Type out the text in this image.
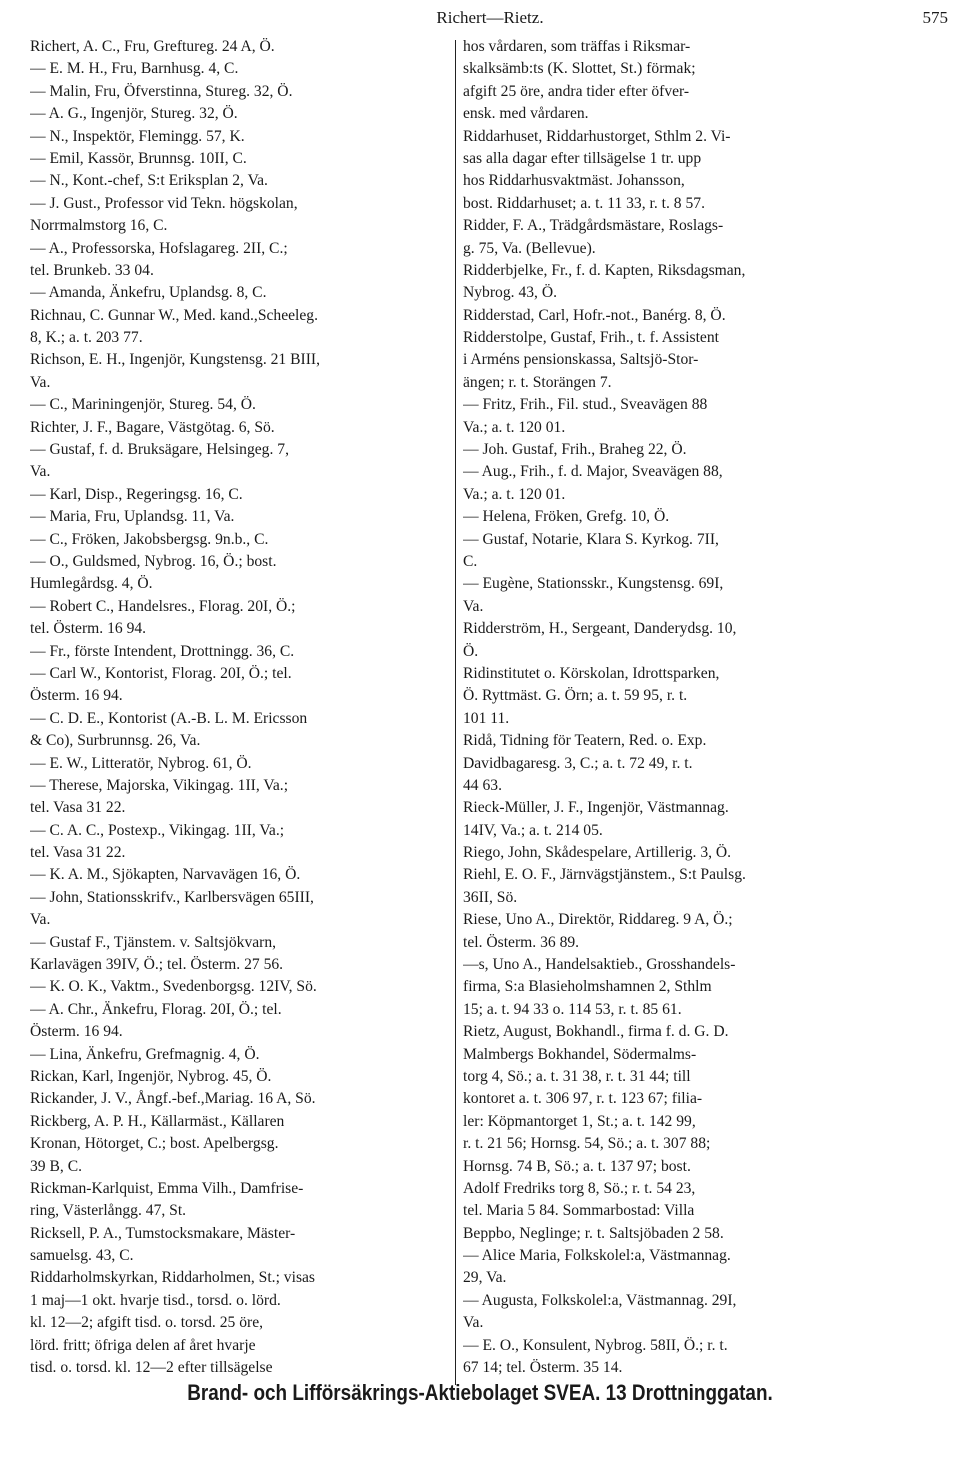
Richert—Rietz.	575
Richert, A. C., Fru, Greftureg. 24 A, Ö.
— E. M. H., Fru, Barnhusg. 4, C.
— Malin, Fru, Öfverstinna, Stureg. 32, Ö.
— A. G., Ingenjör, Stureg. 32, Ö.
— N., Inspektör, Flemingg. 57, K.
— Emil, Kassör, Brunnsg. 10II, C.
— N., Kont.-chef, S:t Eriksplan 2, Va.
— J. Gust., Professor vid Tekn. högskolan,
Norrmalmstorg 16, C.
— A., Professorska, Hofslagareg. 2II, C.;
tel. Brunkeb. 33 04.
— Amanda, Änkefru, Uplandsg. 8, C.
Richnau, C. Gunnar W., Med. kand.,Scheeleg.
8, K.; a. t. 203 77.
Richson, E. H., Ingenjör, Kungstensg. 21 BIII,
Va.
— C., Mariningenjör, Stureg. 54, Ö.
Richter, J. F., Bagare, Västgötag. 6, Sö.
— Gustaf, f. d. Bruksägare, Helsingeg. 7,
Va.
— Karl, Disp., Regeringsg. 16, C.
— Maria, Fru, Uplandsg. 11, Va.
— C., Fröken, Jakobsbergsg. 9n.b., C.
— O., Guldsmed, Nybrog. 16, Ö.; bost.
Humlegårdsg. 4, Ö.
— Robert C., Handelsres., Florag. 20I, Ö.;
tel. Österm. 16 94.
— Fr., förste Intendent, Drottningg. 36, C.
— Carl W., Kontorist, Florag. 20I, Ö.; tel.
Österm. 16 94.
— C. D. E., Kontorist (A.-B. L. M. Ericsson
& Co), Surbrunnsg. 26, Va.
— E. W., Litteratör, Nybrog. 61, Ö.
— Therese, Majorska, Vikingag. 1II, Va.;
tel. Vasa 31 22.
— C. A. C., Postexp., Vikingag. 1II, Va.;
tel. Vasa 31 22.
— K. A. M., Sjökapten, Narvavägen 16, Ö.
— John, Stationsskrifv., Karlbersvägen 65III,
Va.
— Gustaf F., Tjänstem. v. Saltsjökvarn,
Karlavägen 39IV, Ö.; tel. Österm. 27 56.
— K. O. K., Vaktm., Svedenborgsg. 12IV, Sö.
— A. Chr., Änkefru, Florag. 20I, Ö.; tel.
Österm. 16 94.
— Lina, Änkefru, Grefmagnig. 4, Ö.
Rickan, Karl, Ingenjör, Nybrog. 45, Ö.
Rickander, J. V., Ångf.-bef.,Mariag. 16 A, Sö.
Rickberg, A. P. H., Källarmäst., Källaren
Kronan, Hötorget, C.; bost. Apelbergsg.
39 B, C.
Rickman-Karlquist, Emma Vilh., Damfrise-
ring, Västerlångg. 47, St.
Ricksell, P. A., Tumstocksmakare, Mäster-
samuelsg. 43, C.
Riddarholmskyrkan, Riddarholmen, St.; visas
1 maj—1 okt. hvarje tisd., torsd. o. lörd.
kl. 12—2; afgift tisd. o. torsd. 25 öre,
lörd. fritt; öfriga delen af året hvarje
tisd. o. torsd. kl. 12—2 efter tillsägelse
hos vårdaren, som träffas i Riksmar-
skalksämb:ts (K. Slottet, St.) förmak;
afgift 25 öre, andra tider efter öfver-
ensk. med vårdaren.
Riddarhuset, Riddarhustorget, Sthlm 2. Vi-
sas alla dagar efter tillsägelse 1 tr. upp
hos Riddarhusvaktmäst. Johansson,
bost. Riddarhuset; a. t. 11 33, r. t. 8 57.
Ridder, F. A., Trädgårdsmästare, Roslags-
g. 75, Va. (Bellevue).
Ridderbjelke, Fr., f. d. Kapten, Riksdagsman,
Nybrog. 43, Ö.
Ridderstad, Carl, Hofr.-not., Banérg. 8, Ö.
Ridderstolpe, Gustaf, Frih., t. f. Assistent
i Arméns pensionskassa, Saltsjö-Stor-
ängen; r. t. Storängen 7.
— Fritz, Frih., Fil. stud., Sveavägen 88
Va.; a. t. 120 01.
— Joh. Gustaf, Frih., Braheg 22, Ö.
— Aug., Frih., f. d. Major, Sveavägen 88,
Va.; a. t. 120 01.
— Helena, Fröken, Grefg. 10, Ö.
— Gustaf, Notarie, Klara S. Kyrkog. 7II,
C.
— Eugène, Stationsskr., Kungstensg. 69I,
Va.
Ridderström, H., Sergeant, Danderydsg. 10,
Ö.
Ridinstitutet o. Körskolan, Idrottsparken,
Ö. Ryttmäst. G. Örn; a. t. 59 95, r. t.
101 11.
Ridå, Tidning för Teatern, Red. o. Exp.
Davidbagaresg. 3, C.; a. t. 72 49, r. t.
44 63.
Rieck-Müller, J. F., Ingenjör, Västmannag.
14IV, Va.; a. t. 214 05.
Riego, John, Skådespelare, Artillerig. 3, Ö.
Riehl, E. O. F., Järnvägstjänstem., S:t Paulsg.
36II, Sö.
Riese, Uno A., Direktör, Riddareg. 9 A, Ö.;
tel. Österm. 36 89.
—s, Uno A., Handelsaktieb., Grosshandels-
firma, S:a Blasieholmshamnen 2, Sthlm
15; a. t. 94 33 o. 114 53, r. t. 85 61.
Rietz, August, Bokhandl., firma f. d. G. D.
Malmbergs Bokhandel, Södermalms-
torg 4, Sö.; a. t. 31 38, r. t. 31 44; till
kontoret a. t. 306 97, r. t. 123 67; filia-
ler: Köpmantorget 1, St.; a. t. 142 99,
r. t. 21 56; Hornsg. 54, Sö.; a. t. 307 88;
Hornsg. 74 B, Sö.; a. t. 137 97; bost.
Adolf Fredriks torg 8, Sö.; r. t. 54 23,
tel. Maria 5 84. Sommarbostad: Villa
Beppbo, Neglinge; r. t. Saltsjöbaden 2 58.
— Alice Maria, Folkskolel:a, Västmannag.
29, Va.
— Augusta, Folkskolel:a, Västmannag. 29I,
Va.
— E. O., Konsulent, Nybrog. 58II, Ö.; r. t.
67 14; tel. Österm. 35 14.
Brand- och Lifförsäkrings-Aktiebolaget SVEA. 13 Drottninggatan.
